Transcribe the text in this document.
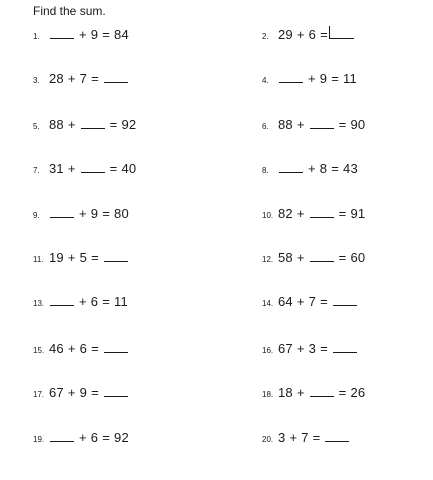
Find the sum.
1.	+ 9 = 84
3. 28 + 7 =
5. 88 +	= 92
7. 31 +	= 40
9.	+ 9 = 80
11. 19 + 5 =
13.	+ 6 = 11
15. 46 + 6 =
17. 67 + 9 =
19.	+ 6 = 92
2. 29 + 6 =
4.	+ 9 = 11
6. 88 +	= 90
8.	+ 8 = 43
10. 82 +	= 91
12. 58 +	= 60
14. 64 + 7 =
16. 67 + 3 =
18. 18 +	= 26
20. 3 + 7 =
